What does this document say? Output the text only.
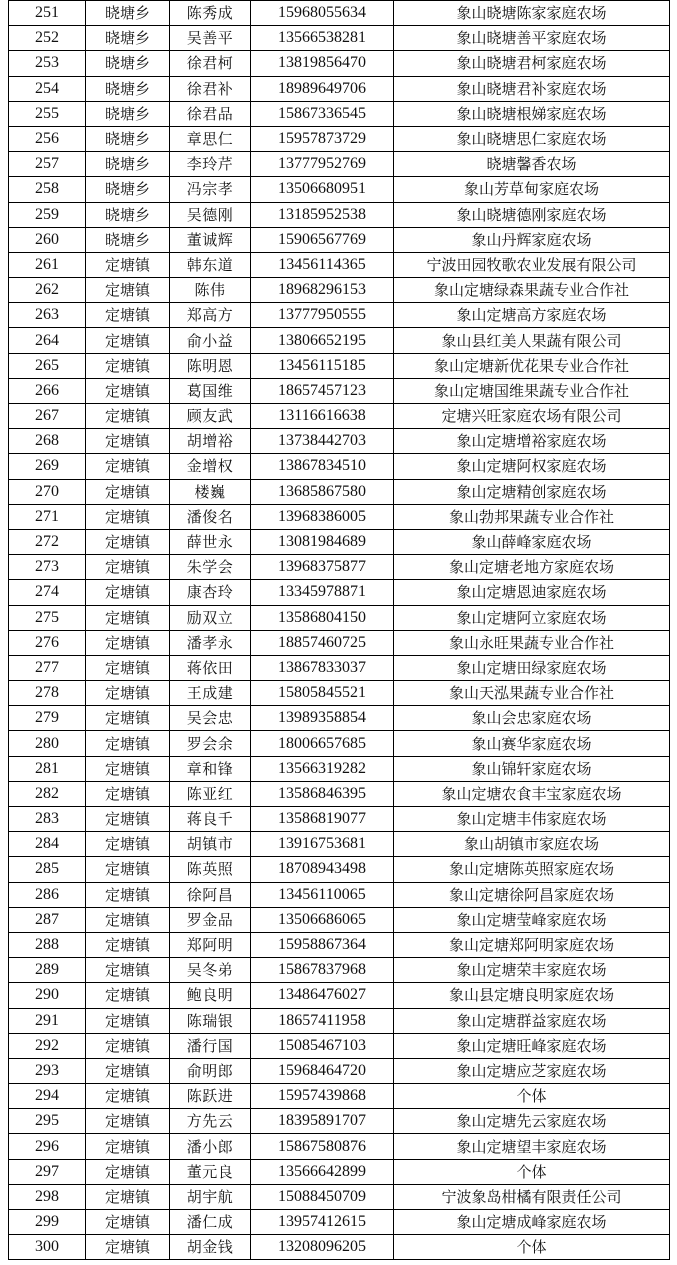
251	晓塘乡	陈秀成	15968055634	象山晓塘陈家家庭农场
252	晓塘乡	吴善平	13566538281	象山晓塘善平家庭农场
253	晓塘乡	徐君柯	13819856470	象山晓塘君柯家庭农场
254	晓塘乡	徐君补	18989649706	象山晓塘君补家庭农场
255	晓塘乡	徐君品	15867336545	象山晓塘根娣家庭农场
256	晓塘乡	章思仁	15957873729	象山晓塘思仁家庭农场
257	晓塘乡	李玲芹	13777952769	晓塘馨香农场
258	晓塘乡	冯宗孝	13506680951	象山芳草甸家庭农场
259	晓塘乡	吴德刚	13185952538	象山晓塘德刚家庭农场
260	晓塘乡	董诚辉	15906567769	象山丹辉家庭农场
261	定塘镇	韩东道	13456114365	宁波田园牧歌农业发展有限公司
262	定塘镇	陈伟	18968296153	象山定塘绿森果蔬专业合作社
263	定塘镇	郑高方	13777950555	象山定塘高方家庭农场
264	定塘镇	俞小益	13806652195	象山县红美人果蔬有限公司
265	定塘镇	陈明恩	13456115185	象山定塘新优花果专业合作社
266	定塘镇	葛国维	18657457123	象山定塘国维果蔬专业合作社
267	定塘镇	顾友武	13116616638	定塘兴旺家庭农场有限公司
268	定塘镇	胡增裕	13738442703	象山定塘增裕家庭农场
269	定塘镇	金增权	13867834510	象山定塘阿权家庭农场
270	定塘镇	楼巍	13685867580	象山定塘精创家庭农场
271	定塘镇	潘俊名	13968386005	象山勃邦果蔬专业合作社
272	定塘镇	薛世永	13081984689	象山薛峰家庭农场
273	定塘镇	朱学会	13968375877	象山定塘老地方家庭农场
274	定塘镇	康杏玲	13345978871	象山定塘恩迪家庭农场
275	定塘镇	励双立	13586804150	象山定塘阿立家庭农场
276	定塘镇	潘孝永	18857460725	象山永旺果蔬专业合作社
277	定塘镇	蒋依田	13867833037	象山定塘田绿家庭农场
278	定塘镇	王成建	15805845521	象山天泓果蔬专业合作社
279	定塘镇	吴会忠	13989358854	象山会忠家庭农场
280	定塘镇	罗会余	18006657685	象山赛华家庭农场
281	定塘镇	章和锋	13566319282	象山锦轩家庭农场
282	定塘镇	陈亚红	13586846395	象山定塘农食丰宝家庭农场
283	定塘镇	蒋良千	13586819077	象山定塘丰伟家庭农场
284	定塘镇	胡镇市	13916753681	象山胡镇市家庭农场
285	定塘镇	陈英照	18708943498	象山定塘陈英照家庭农场
286	定塘镇	徐阿昌	13456110065	象山定塘徐阿昌家庭农场
287	定塘镇	罗金品	13506686065	象山定塘莹峰家庭农场
288	定塘镇	郑阿明	15958867364	象山定塘郑阿明家庭农场
289	定塘镇	吴冬弟	15867837968	象山定塘荣丰家庭农场
290	定塘镇	鲍良明	13486476027	象山县定塘良明家庭农场
291	定塘镇	陈瑞银	18657411958	象山定塘群益家庭农场
292	定塘镇	潘行国	15085467103	象山定塘旺峰家庭农场
293	定塘镇	俞明郎	15968464720	象山定塘应芝家庭农场
294	定塘镇	陈跃进	15957439868	个体
295	定塘镇	方先云	18395891707	象山定塘先云家庭农场
296	定塘镇	潘小郎	15867580876	象山定塘望丰家庭农场
297	定塘镇	董元良	13566642899	个体
298	定塘镇	胡宇航	15088450709	宁波象岛柑橘有限责任公司
299	定塘镇	潘仁成	13957412615	象山定塘成峰家庭农场
300	定塘镇	胡金钱	13208096205	个体
